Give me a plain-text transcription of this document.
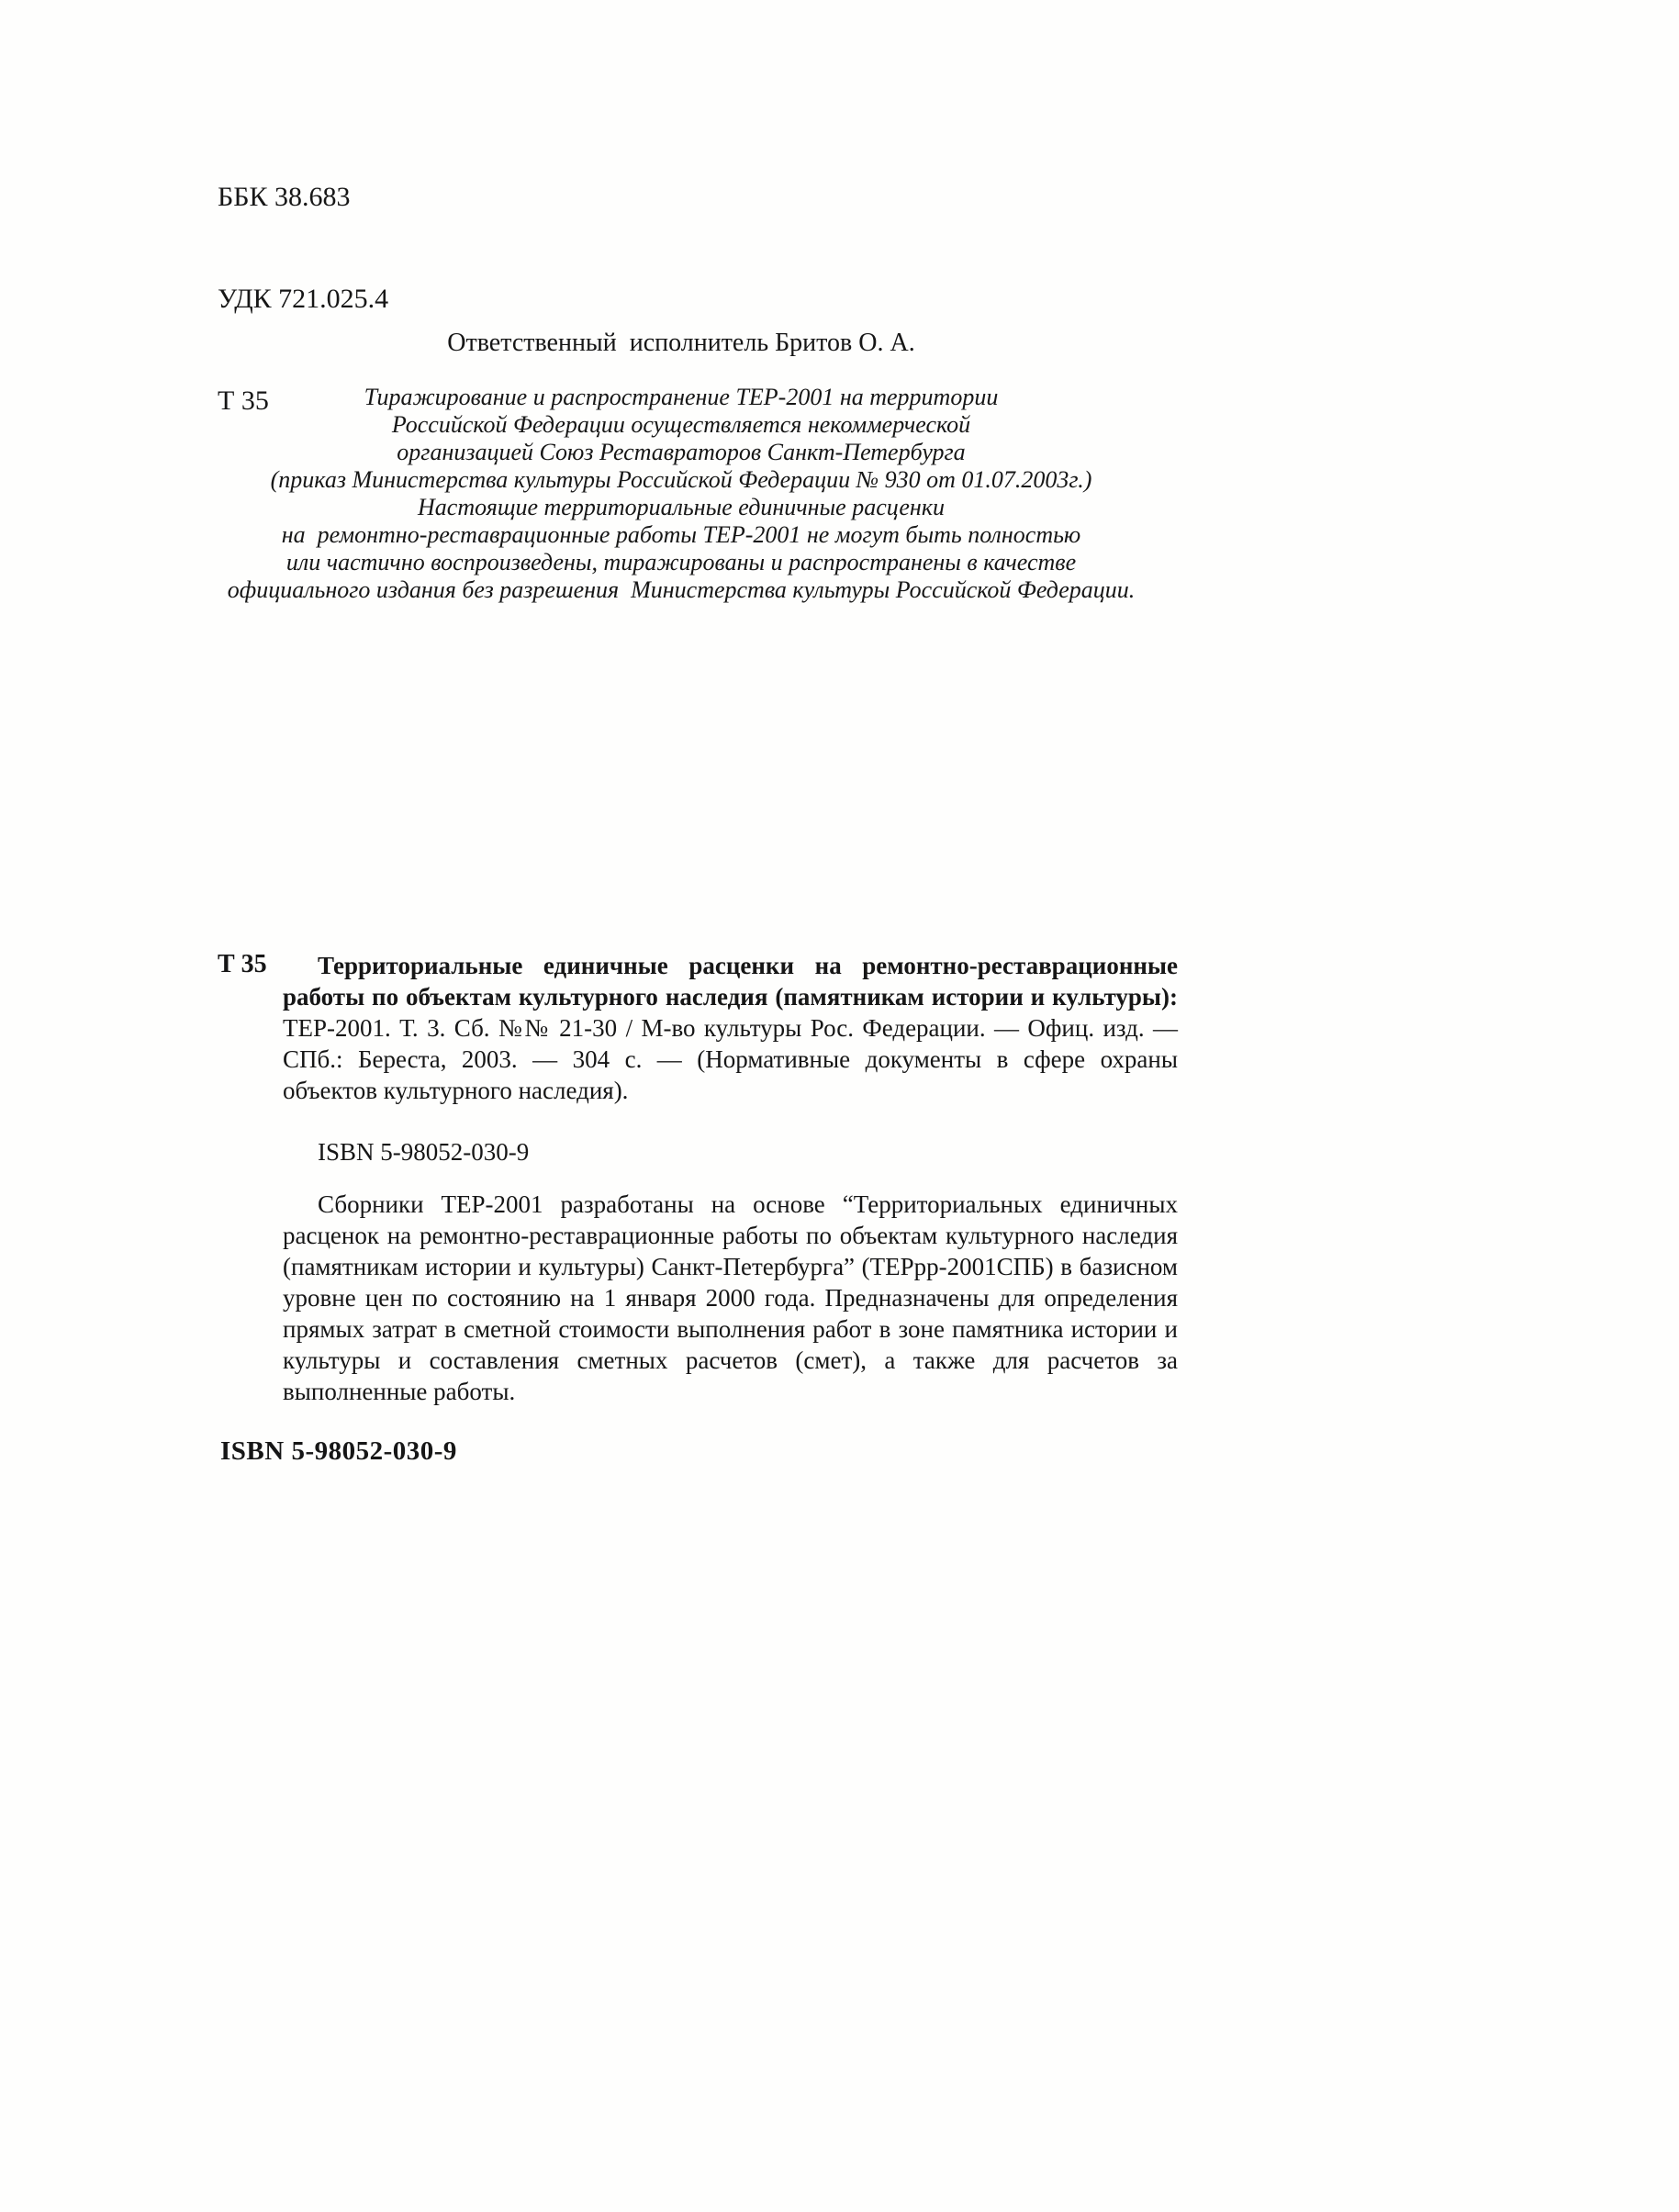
ББК 38.683

УДК 721.025.4

Т 35

Ответственный  исполнитель Бритов О. А.
Тиражирование и распространение ТЕР-2001 на территории
Российской Федерации осуществляется некоммерческой
организацией Союз Реставраторов Санкт-Петербурга
(приказ Министерства культуры Российской Федерации № 930 от 01.07.2003г.)
Настоящие территориальные единичные расценки
на  ремонтно-реставрационные работы ТЕР-2001 не могут быть полностью
или частично воспроизведены, тиражированы и распространены в качестве
официального издания без разрешения  Министерства культуры Российской Федерации.
Т 35	Территориальные единичные расценки на ремонтно-реставрационные работы по объектам культурного наследия (памятникам истории и культуры): ТЕР-2001. Т. 3. Сб. №№ 21-30 / М-во культуры Рос. Федерации. — Офиц. изд. — СПб.: Береста, 2003. — 304 с. — (Нормативные документы в сфере охраны объектов культурного наследия).

ISBN 5-98052-030-9

Сборники ТЕР-2001 разработаны на основе “Территориальных единичных расценок на ремонтно-реставрационные работы по объектам культурного наследия (памятникам истории и культуры) Санкт-Петербурга” (ТЕРрр-2001СПБ) в базисном уровне цен по состоянию на 1 января 2000 года. Предназначены для определения прямых затрат в сметной стоимости выполнения работ в зоне памятника истории и культуры и составления сметных расчетов (смет), а также для расчетов за выполненные работы.

ISBN 5-98052-030-9
